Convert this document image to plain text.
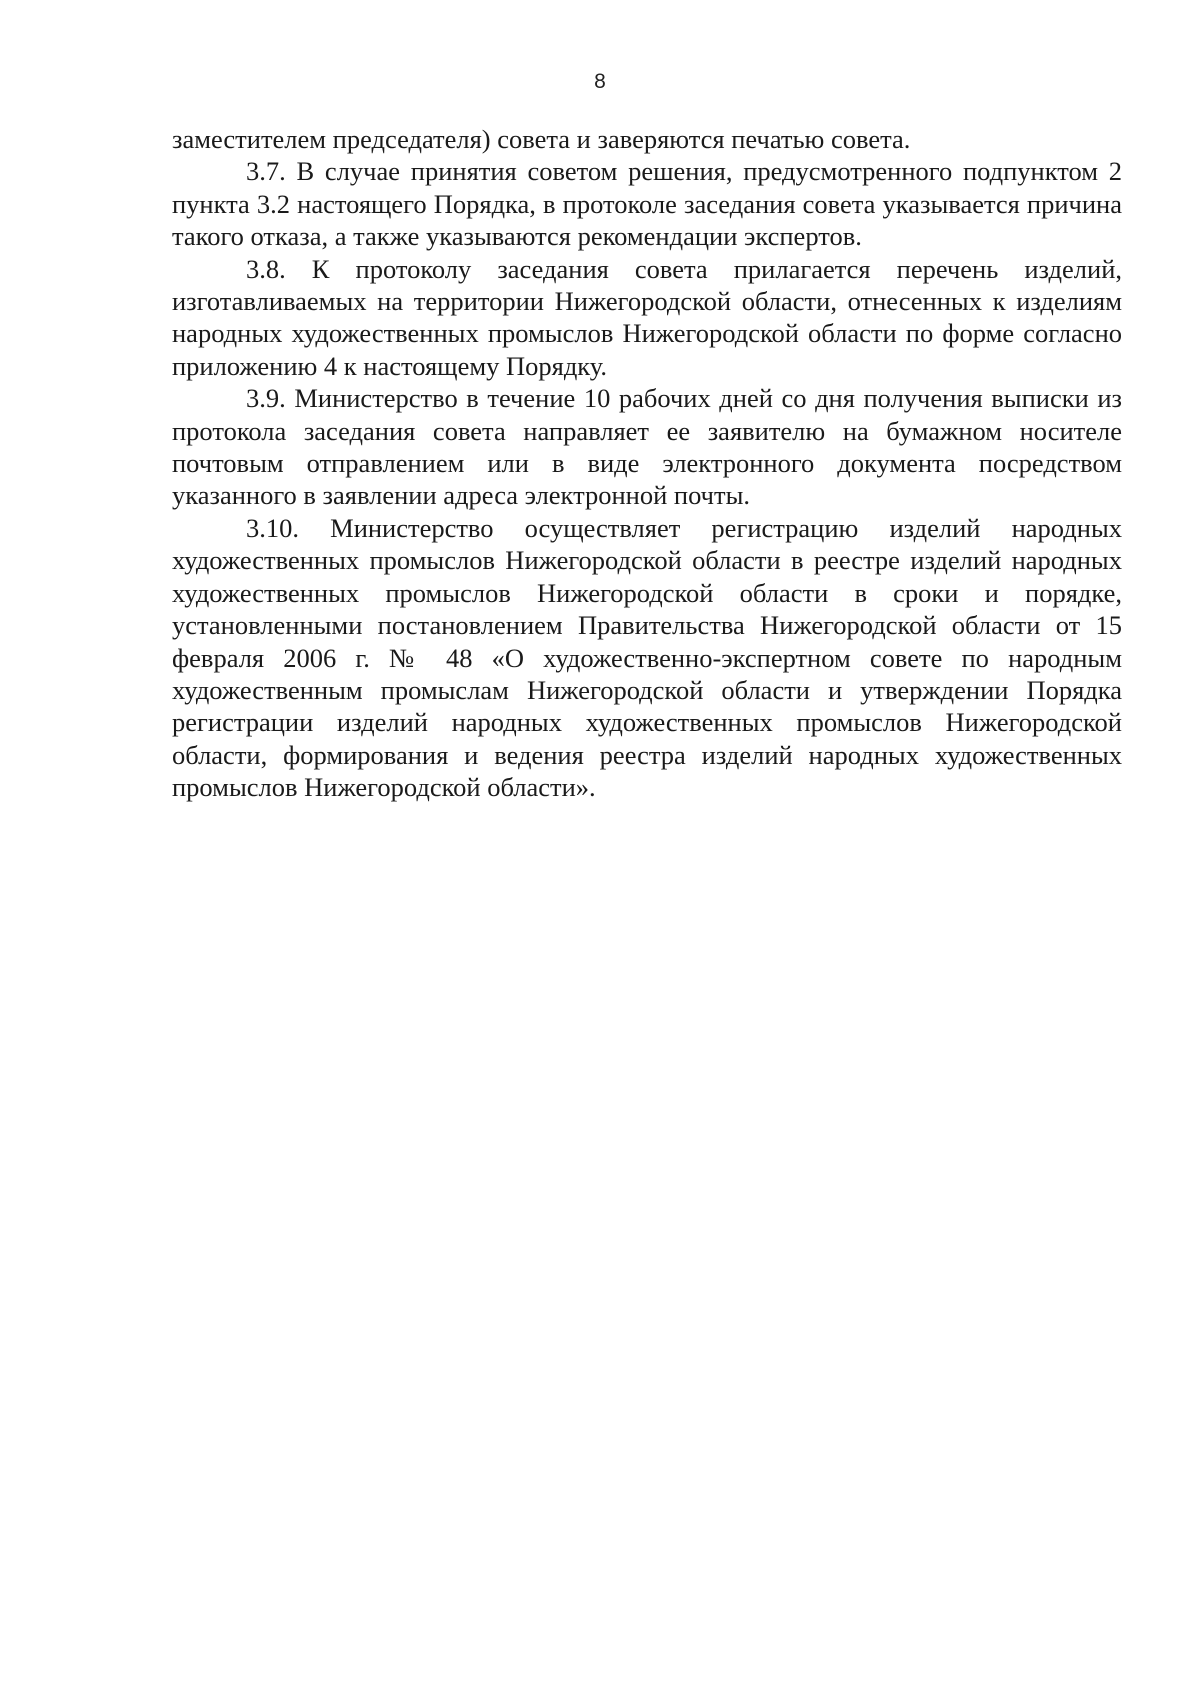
8

заместителем председателя) совета и заверяются печатью совета.

3.7. В случае принятия советом решения, предусмотренного подпунктом 2 пункта 3.2 настоящего Порядка, в протоколе заседания совета указывается причина такого отказа, а также указываются рекомендации экспертов.

3.8. К протоколу заседания совета прилагается перечень изделий, изготавливаемых на территории Нижегородской области, отнесенных к изделиям народных художественных промыслов Нижегородской области по форме согласно приложению 4 к настоящему Порядку.

3.9. Министерство в течение 10 рабочих дней со дня получения выписки из протокола заседания совета направляет ее заявителю на бумажном носителе почтовым отправлением или в виде электронного документа посредством указанного в заявлении адреса электронной почты.

3.10. Министерство осуществляет регистрацию изделий народных художественных промыслов Нижегородской области в реестре изделий народных художественных промыслов Нижегородской области в сроки и порядке, установленными постановлением Правительства Нижегородской области от 15 февраля 2006 г. № 48 «О художественно-экспертном совете по народным художественным промыслам Нижегородской области и утверждении Порядка регистрации изделий народных художественных промыслов Нижегородской области, формирования и ведения реестра изделий народных художественных промыслов Нижегородской области».
